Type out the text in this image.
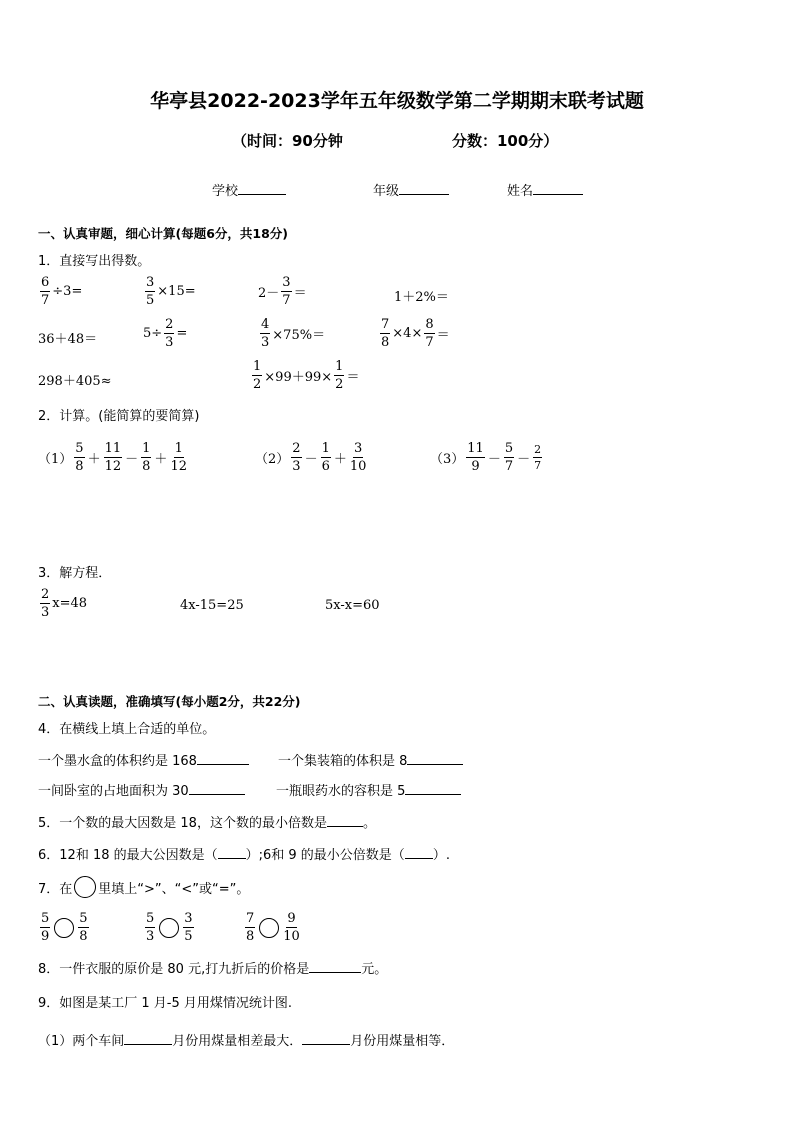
华亭县2022-2023学年五年级数学第二学期期末联考试题
（时间：90分钟	分数：100分）
学校	年级	姓名
一、认真审题，细心计算(每题6分，共18分)
1．直接写出得数。
$\frac{6}{7} \div 3=$	$\frac{3}{5} \times 15=$	$2- \frac{3}{7}$ ＝	1＋2%＝
36＋48＝	$5\div \frac{2}{3}$ =	$\frac{4}{3} \times 75\%=$	$\frac{7}{8} \times 4\times \frac{8}{7}$ ＝
298＋405≈	$\frac{1}{2} \times 99+99\times \frac{1}{2}$ ＝
2．计算。(能简算的要简算)
$(1) \frac{5}{8} + \frac{11}{12} - \frac{1}{8} + \frac{1}{12}$	$(2) \frac{2}{3} - \frac{1}{6} + \frac{3}{10}$	$(3) \frac{11}{9} - \frac{5}{7} - \frac{2}{7}$
3．解方程．
$\frac{2}{3} x=48$	4x-15=25	5x-x=60
二、认真读题，准确填写(每小题2分，共22分)
4．在横线上填上合适的单位。
一个墨水盒的体积约是 168	一个集装箱的体积是 8
一间卧室的占地面积为 30	一瓶眼药水的容积是 5
5．一个数的最大因数是 18，这个数的最小倍数是	。
6．12和 18 的最大公因数是（ ）;6和 9 的最小公倍数是（ ）.
7．在 里填上“>”、“<”或“=”。
$\frac{5}{9} \frac{5}{8}$	$\frac{5}{3} \frac{3}{5}$	$\frac{7}{8} \frac{9}{10}$
8．一件衣服的原价是 80 元,打九折后的价格是	元。
9．如图是某工厂 1 月-5 月用煤情况统计图.
（1）两个车间	月份用煤量相差最大．	月份用煤量相等．
